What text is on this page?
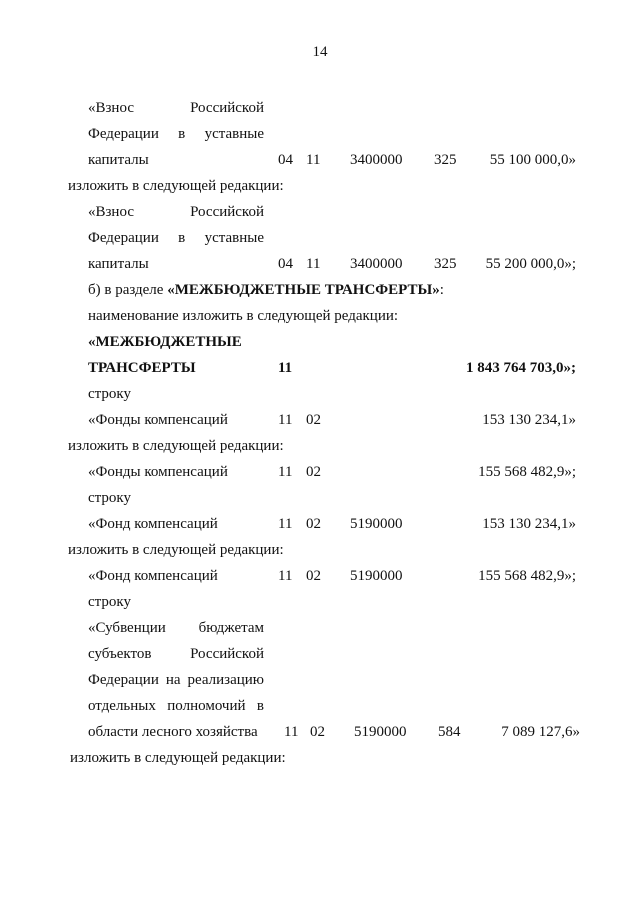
14
«Взнос	Российской
Федерации в уставные
капиталы	04 11 3400000 325 55 100 000,0»
изложить в следующей редакции:
«Взнос	Российской
Федерации в уставные
капиталы	04 11 3400000 325 55 200 000,0»;
б) в разделе «МЕЖБЮДЖЕТНЫЕ ТРАНСФЕРТЫ»:
наименование изложить в следующей редакции:
«МЕЖБЮДЖЕТНЫЕ
ТРАНСФЕРТЫ	11	1 843 764 703,0»;
строку
«Фонды компенсаций	11 02	153 130 234,1»
изложить в следующей редакции:
«Фонды компенсаций	11 02	155 568 482,9»;
строку
«Фонд компенсаций	11 02 5190000	153 130 234,1»
изложить в следующей редакции:
«Фонд компенсаций	11 02 5190000	155 568 482,9»;
строку
«Субвенции бюджетам
субъектов	Российской
Федерации на реализацию
отдельных полномочий в
области лесного хозяйства 11 02 5190000 584	7 089 127,6»
изложить в следующей редакции:
